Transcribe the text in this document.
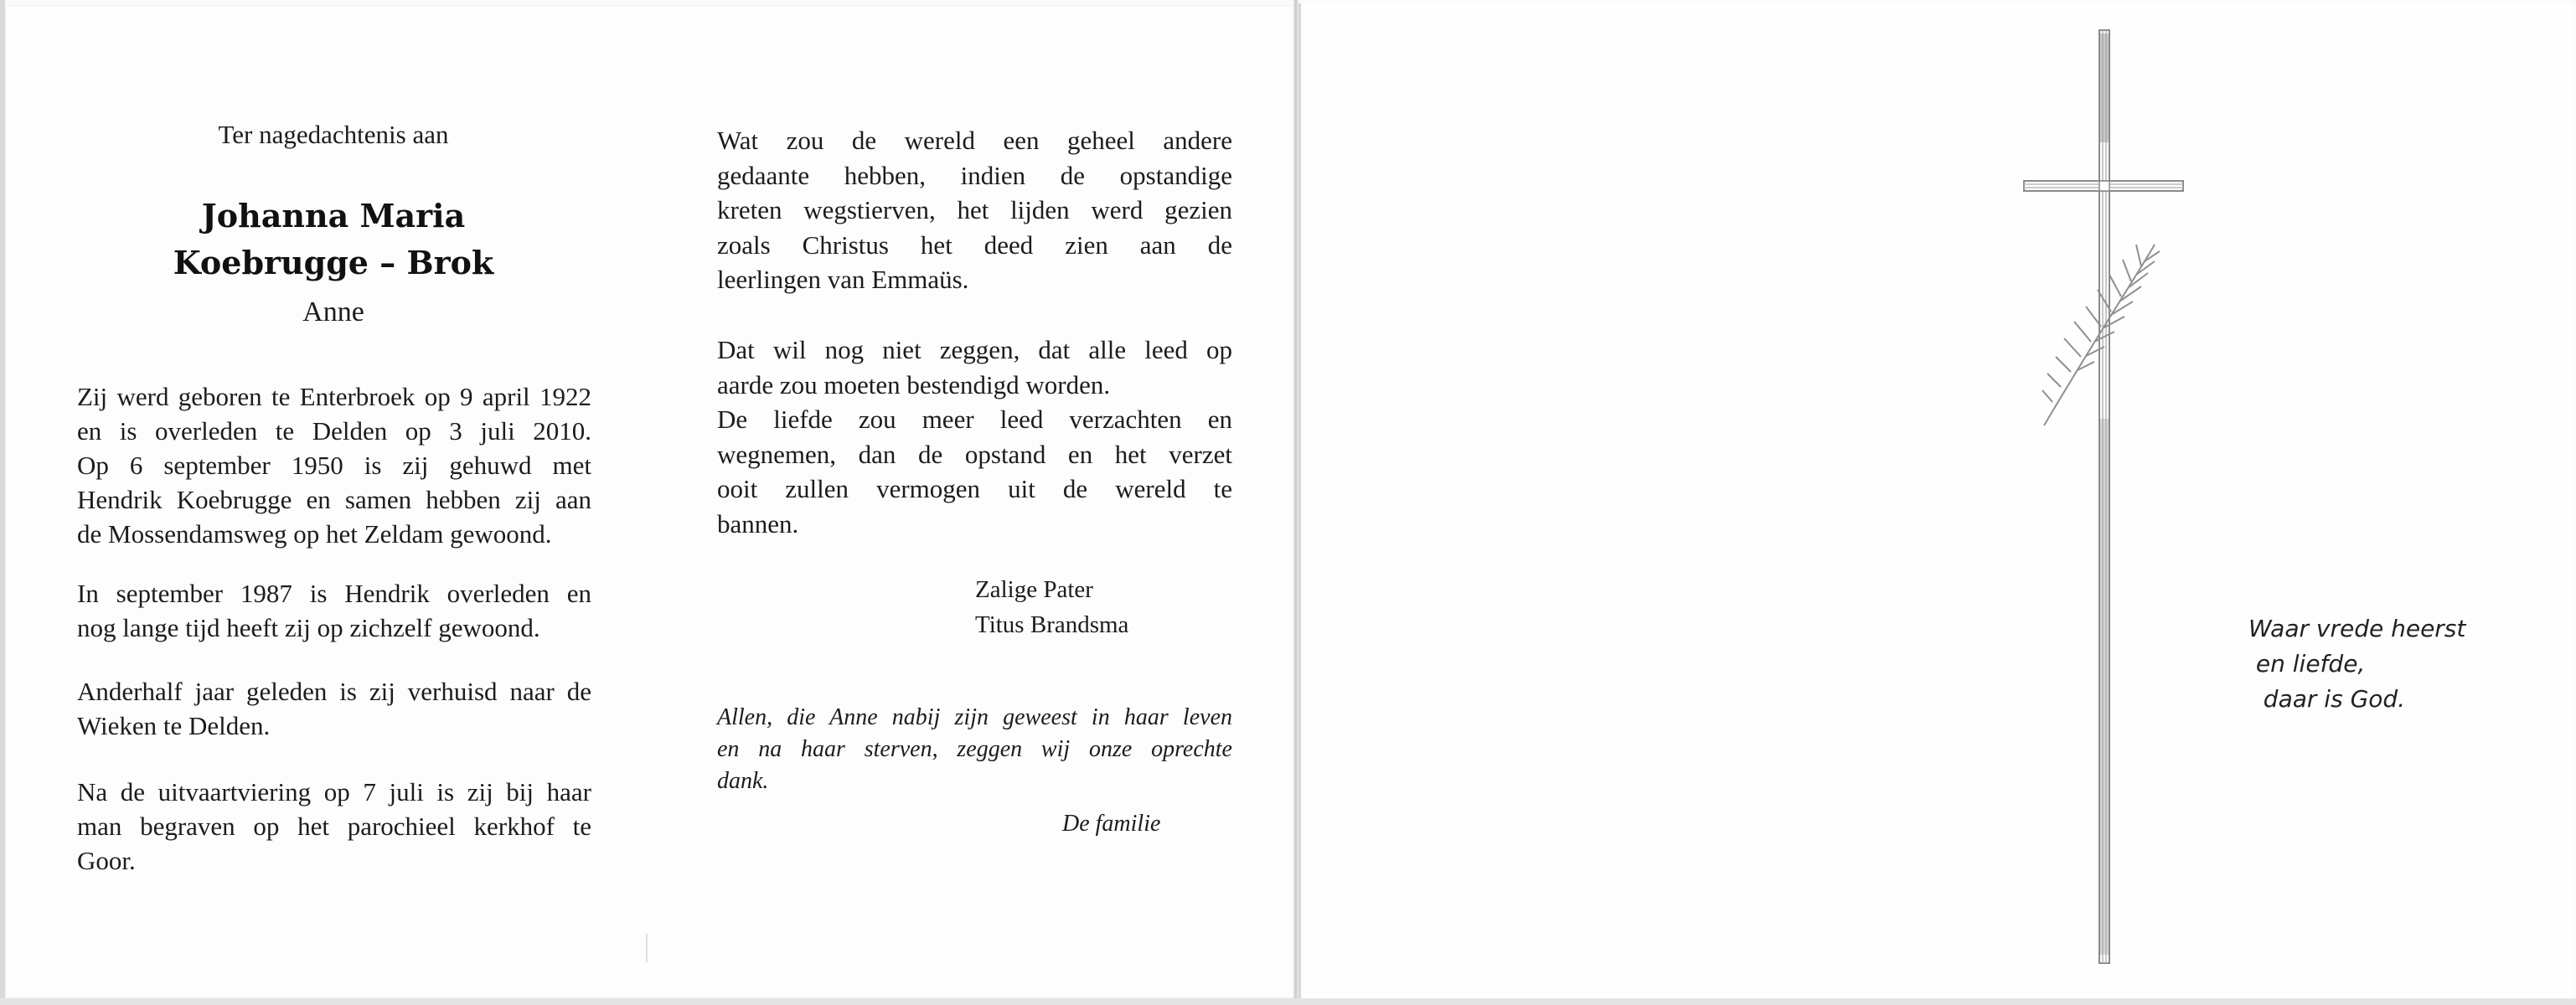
Ter nagedachtenis aan

Johanna Maria
Koebrugge – Brok

Anne

Zij werd geboren te Enterbroek op 9 april 1922
en is overleden te Delden op 3 juli 2010.
Op 6 september 1950 is zij gehuwd met
Hendrik Koebrugge en samen hebben zij aan
de Mossendamsweg op het Zeldam gewoond.
In september 1987 is Hendrik overleden en
nog lange tijd heeft zij op zichzelf gewoond.
Anderhalf jaar geleden is zij verhuisd naar de
Wieken te Delden.
Na de uitvaartviering op 7 juli is zij bij haar
man begraven op het parochieel kerkhof te
Goor.
Wat zou de wereld een geheel andere
gedaante hebben, indien de opstandige
kreten wegstierven, het lijden werd gezien
zoals Christus het deed zien aan de
leerlingen van Emmaüs.
Dat wil nog niet zeggen, dat alle leed op
aarde zou moeten bestendigd worden.
De liefde zou meer leed verzachten en
wegnemen, dan de opstand en het verzet
ooit zullen vermogen uit de wereld te
bannen.
Zalige Pater
Titus Brandsma
Allen, die Anne nabij zijn geweest in haar leven
en na haar sterven, zeggen wij onze oprechte
dank.

De familie

Waar vrede heerst
en liefde,
daar is God.
